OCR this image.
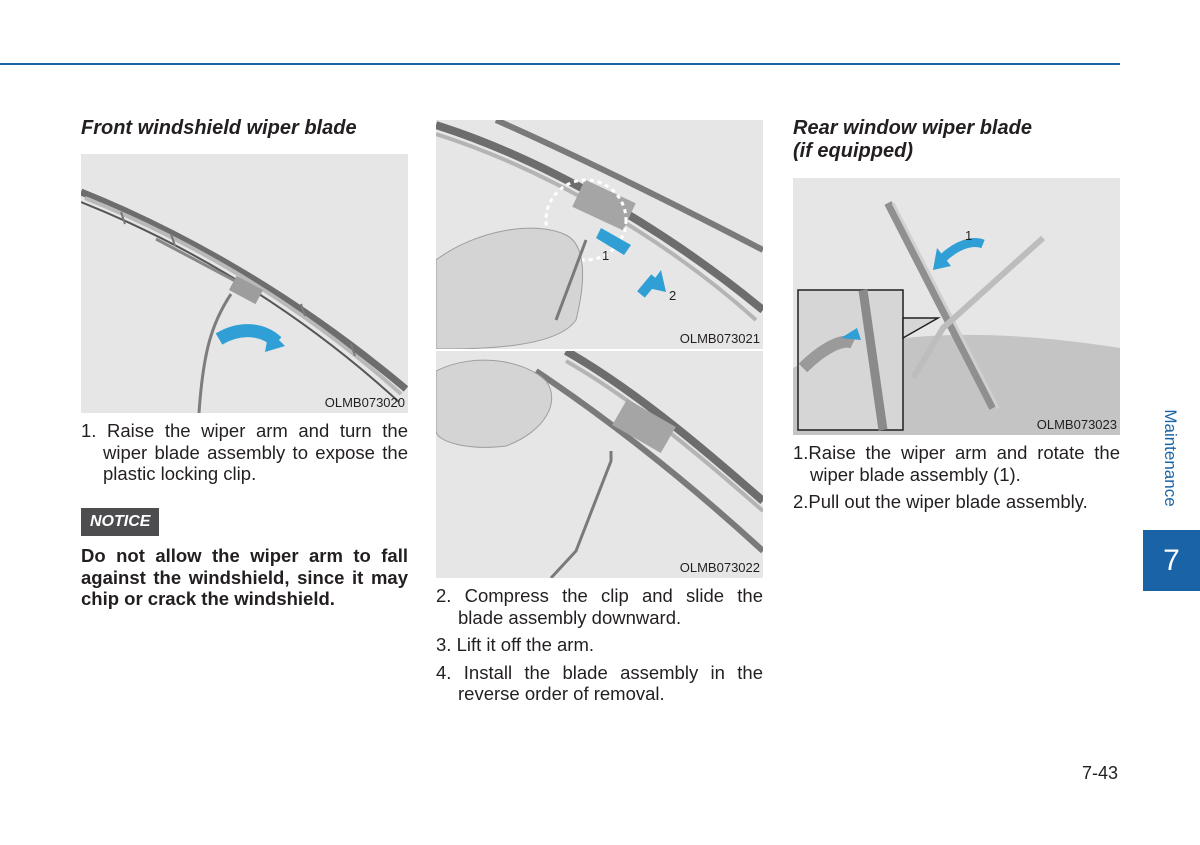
Front windshield wiper blade
OLMB073020

1. Raise the wiper arm and turn the wiper blade assembly to expose the plastic locking clip.

NOTICE

Do not allow the wiper arm to fall against the windshield, since it may chip or crack the windshield.

1
2
OLMB073021
OLMB073022

2. Compress the clip and slide the blade assembly downward.

3. Lift it off the arm.

4. Install the blade assembly in the reverse order of removal.

Rear window wiper blade
(if equipped)
1
OLMB073023

1.Raise the wiper arm and rotate the wiper blade assembly (1).

2.Pull out the wiper blade assembly.	Maintenance
7
7-43
